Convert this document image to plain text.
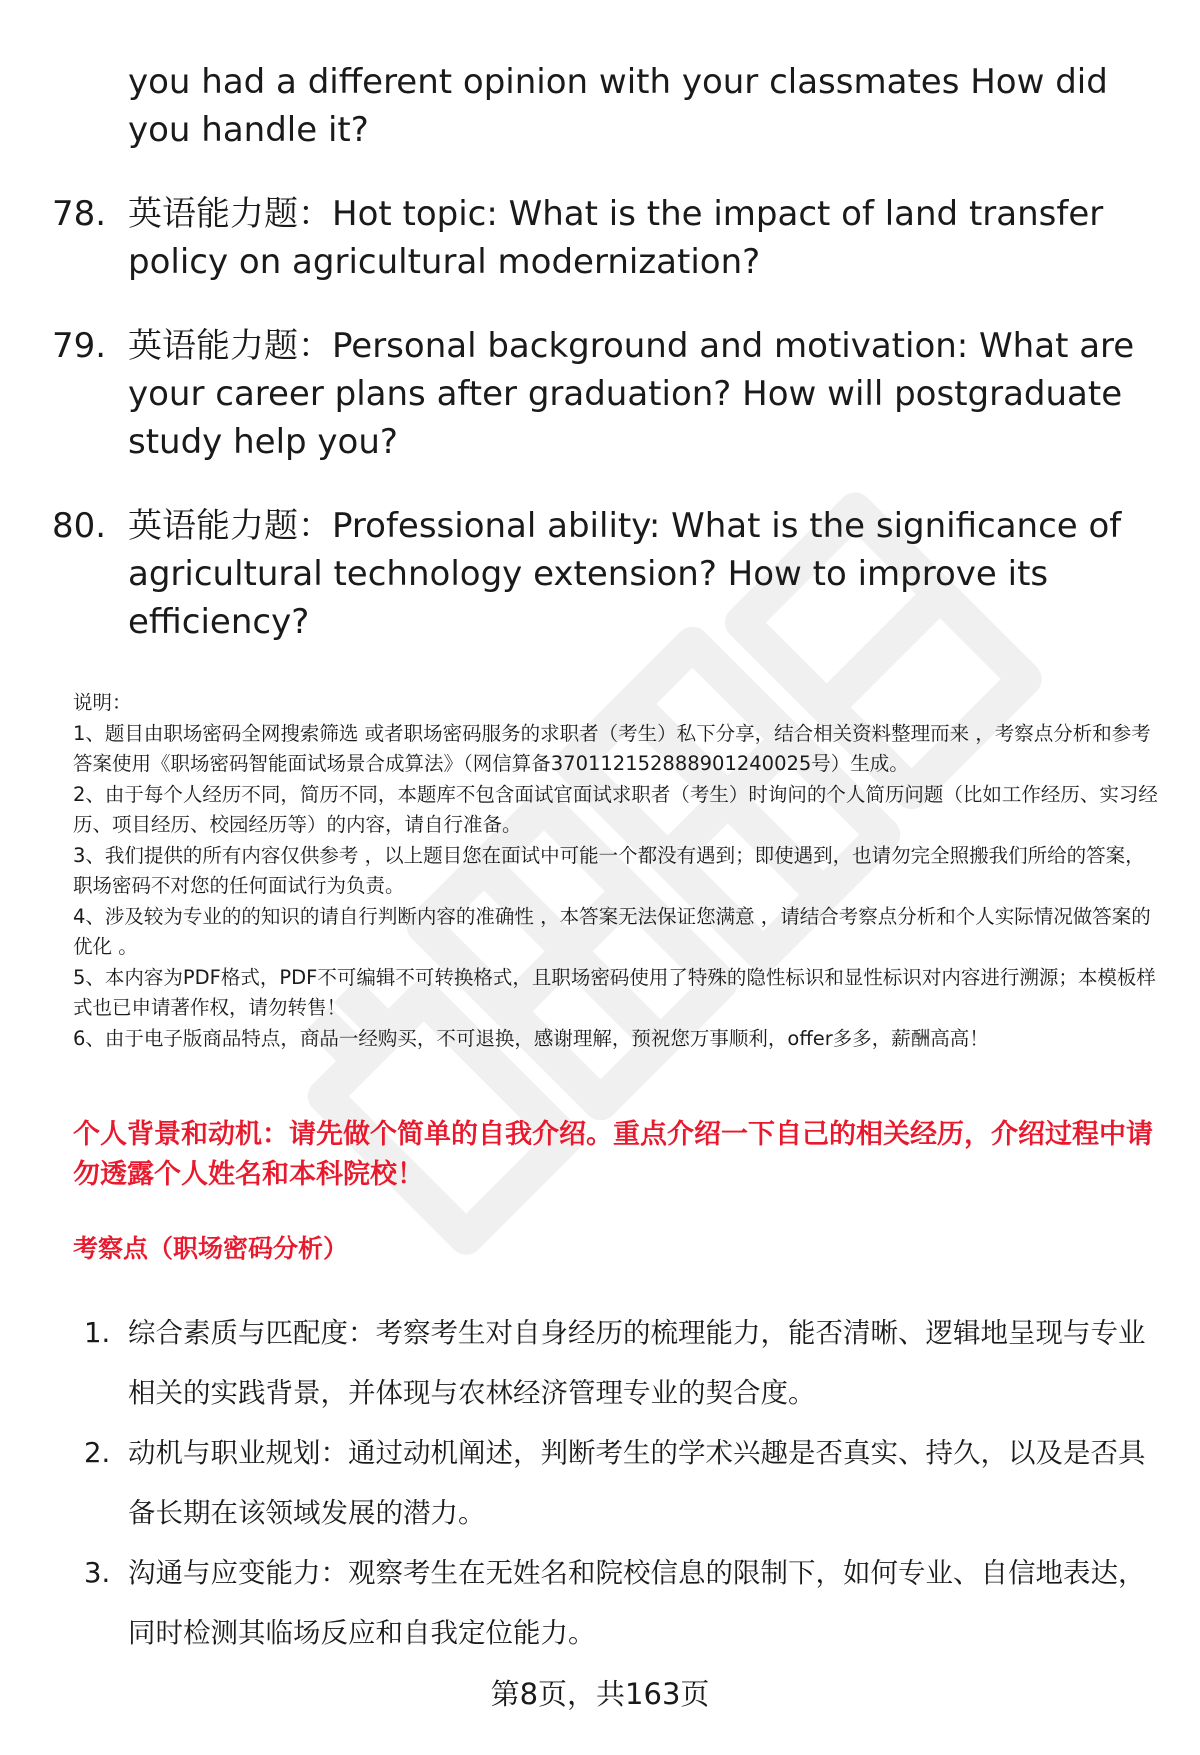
you had a different opinion with your classmates How did you handle it?
78. 英语能力题：Hot topic: What is the impact of land transfer policy on agricultural modernization?
79. 英语能力题：Personal background and motivation: What are your career plans after graduation? How will postgraduate study help you?
80. 英语能力题：Professional ability: What is the significance of agricultural technology extension? How to improve its efficiency?

说明：

1、题目由职场密码全网搜索筛选 或者职场密码服务的求职者（考生）私下分享，结合相关资料整理而来 ，考察点分析和参考答案使用《职场密码智能面试场景合成算法》（网信算备370112152888901240025号）生成。

2、由于每个人经历不同，简历不同，本题库不包含面试官面试求职者（考生）时询问的个人简历问题（比如工作经历、实习经历、项目经历、校园经历等）的内容，请自行准备。

3、我们提供的所有内容仅供参考 ，以上题目您在面试中可能一个都没有遇到；即使遇到，也请勿完全照搬我们所给的答案，职场密码不对您的任何面试行为负责。

4、涉及较为专业的的知识的请自行判断内容的准确性 ，本答案无法保证您满意 ，请结合考察点分析和个人实际情况做答案的优化 。

5、本内容为PDF格式，PDF不可编辑不可转换格式，且职场密码使用了特殊的隐性标识和显性标识对内容进行溯源；本模板样式也已申请著作权，请勿转售！

6、由于电子版商品特点，商品一经购买，不可退换，感谢理解，预祝您万事顺利，offer多多，薪酬高高！

个人背景和动机：请先做个简单的自我介绍。重点介绍一下自己的相关经历，介绍过程中请勿透露个人姓名和本科院校！
考察点（职场密码分析）
1. 综合素质与匹配度：考察考生对自身经历的梳理能力，能否清晰、逻辑地呈现与专业相关的实践背景，并体现与农林经济管理专业的契合度。
2. 动机与职业规划：通过动机阐述，判断考生的学术兴趣是否真实、持久，以及是否具备长期在该领域发展的潜力。
3. 沟通与应变能力：观察考生在无姓名和院校信息的限制下，如何专业、自信地表达，同时检测其临场反应和自我定位能力。
第8页，共163页
